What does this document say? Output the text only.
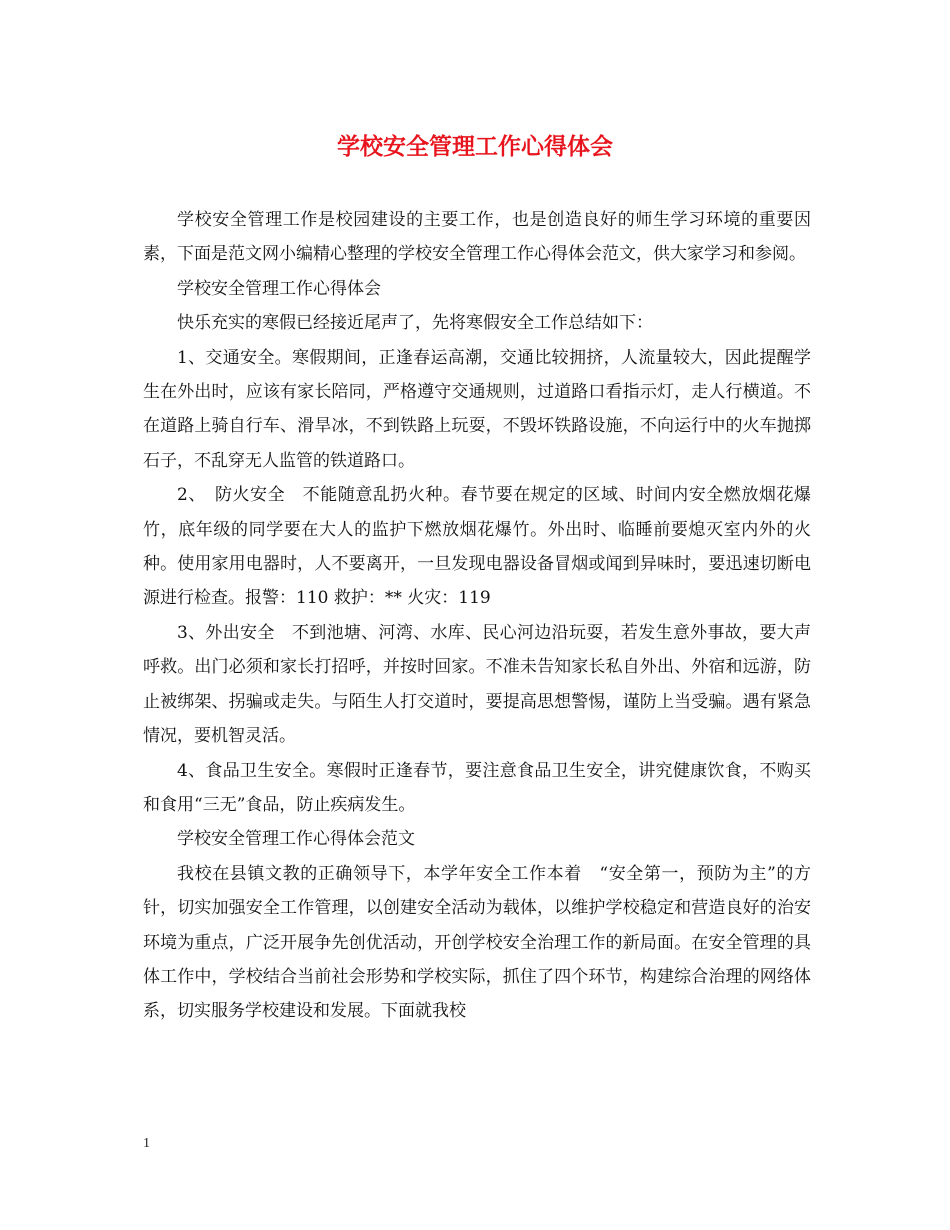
学校安全管理工作心得体会

学校安全管理工作是校园建设的主要工作，也是创造良好的师生学习环境的重要因素，下面是范文网小编精心整理的学校安全管理工作心得体会范文，供大家学习和参阅。

学校安全管理工作心得体会

快乐充实的寒假已经接近尾声了，先将寒假安全工作总结如下：

1、交通安全。寒假期间，正逢春运高潮，交通比较拥挤，人流量较大，因此提醒学生在外出时，应该有家长陪同，严格遵守交通规则，过道路口看指示灯，走人行横道。不在道路上骑自行车、滑旱冰，不到铁路上玩耍，不毁坏铁路设施，不向运行中的火车抛掷石子，不乱穿无人监管的铁道路口。

2、　防火安全　不能随意乱扔火种。春节要在规定的区域、时间内安全燃放烟花爆竹，底年级的同学要在大人的监护下燃放烟花爆竹。外出时、临睡前要熄灭室内外的火种。使用家用电器时，人不要离开，一旦发现电器设备冒烟或闻到异味时，要迅速切断电源进行检查。报警：110 救护：** 火灾：119

3、外出安全　不到池塘、河湾、水库、民心河边沿玩耍，若发生意外事故，要大声呼救。出门必须和家长打招呼，并按时回家。不准未告知家长私自外出、外宿和远游，防止被绑架、拐骗或走失。与陌生人打交道时，要提高思想警惕，谨防上当受骗。遇有紧急情况，要机智灵活。

4、食品卫生安全。寒假时正逢春节，要注意食品卫生安全，讲究健康饮食，不购买和食用“三无”食品，防止疾病发生。

学校安全管理工作心得体会范文

我校在县镇文教的正确领导下，本学年安全工作本着　“安全第一，预防为主”的方针，切实加强安全工作管理，以创建安全活动为载体，以维护学校稳定和营造良好的治安环境为重点，广泛开展争先创优活动，开创学校安全治理工作的新局面。在安全管理的具体工作中，学校结合当前社会形势和学校实际，抓住了四个环节，构建综合治理的网络体系，切实服务学校建设和发展。下面就我校

1
